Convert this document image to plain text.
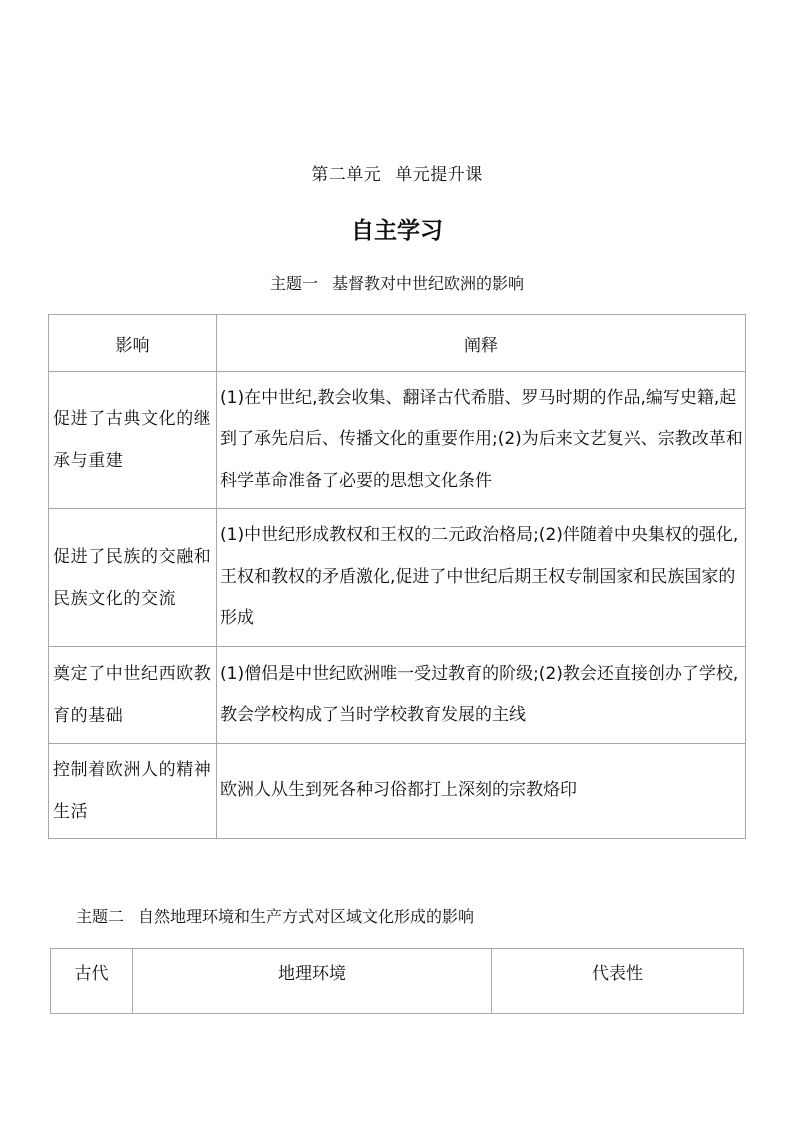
第二单元 单元提升课
自主学习
主题一 基督教对中世纪欧洲的影响
影响	阐释
促进了古典文化的继承与重建	(1)在中世纪,教会收集、翻译古代希腊、罗马时期的作品,编写史籍,起到了承先启后、传播文化的重要作用;(2)为后来文艺复兴、宗教改革和科学革命准备了必要的思想文化条件
促进了民族的交融和民族文化的交流	(1)中世纪形成教权和王权的二元政治格局;(2)伴随着中央集权的强化,王权和教权的矛盾激化,促进了中世纪后期王权专制国家和民族国家的形成
奠定了中世纪西欧教育的基础	(1)僧侣是中世纪欧洲唯一受过教育的阶级;(2)教会还直接创办了学校,教会学校构成了当时学校教育发展的主线
控制着欧洲人的精神生活	欧洲人从生到死各种习俗都打上深刻的宗教烙印
主题二 自然地理环境和生产方式对区域文化形成的影响
古代	地理环境	代表性
